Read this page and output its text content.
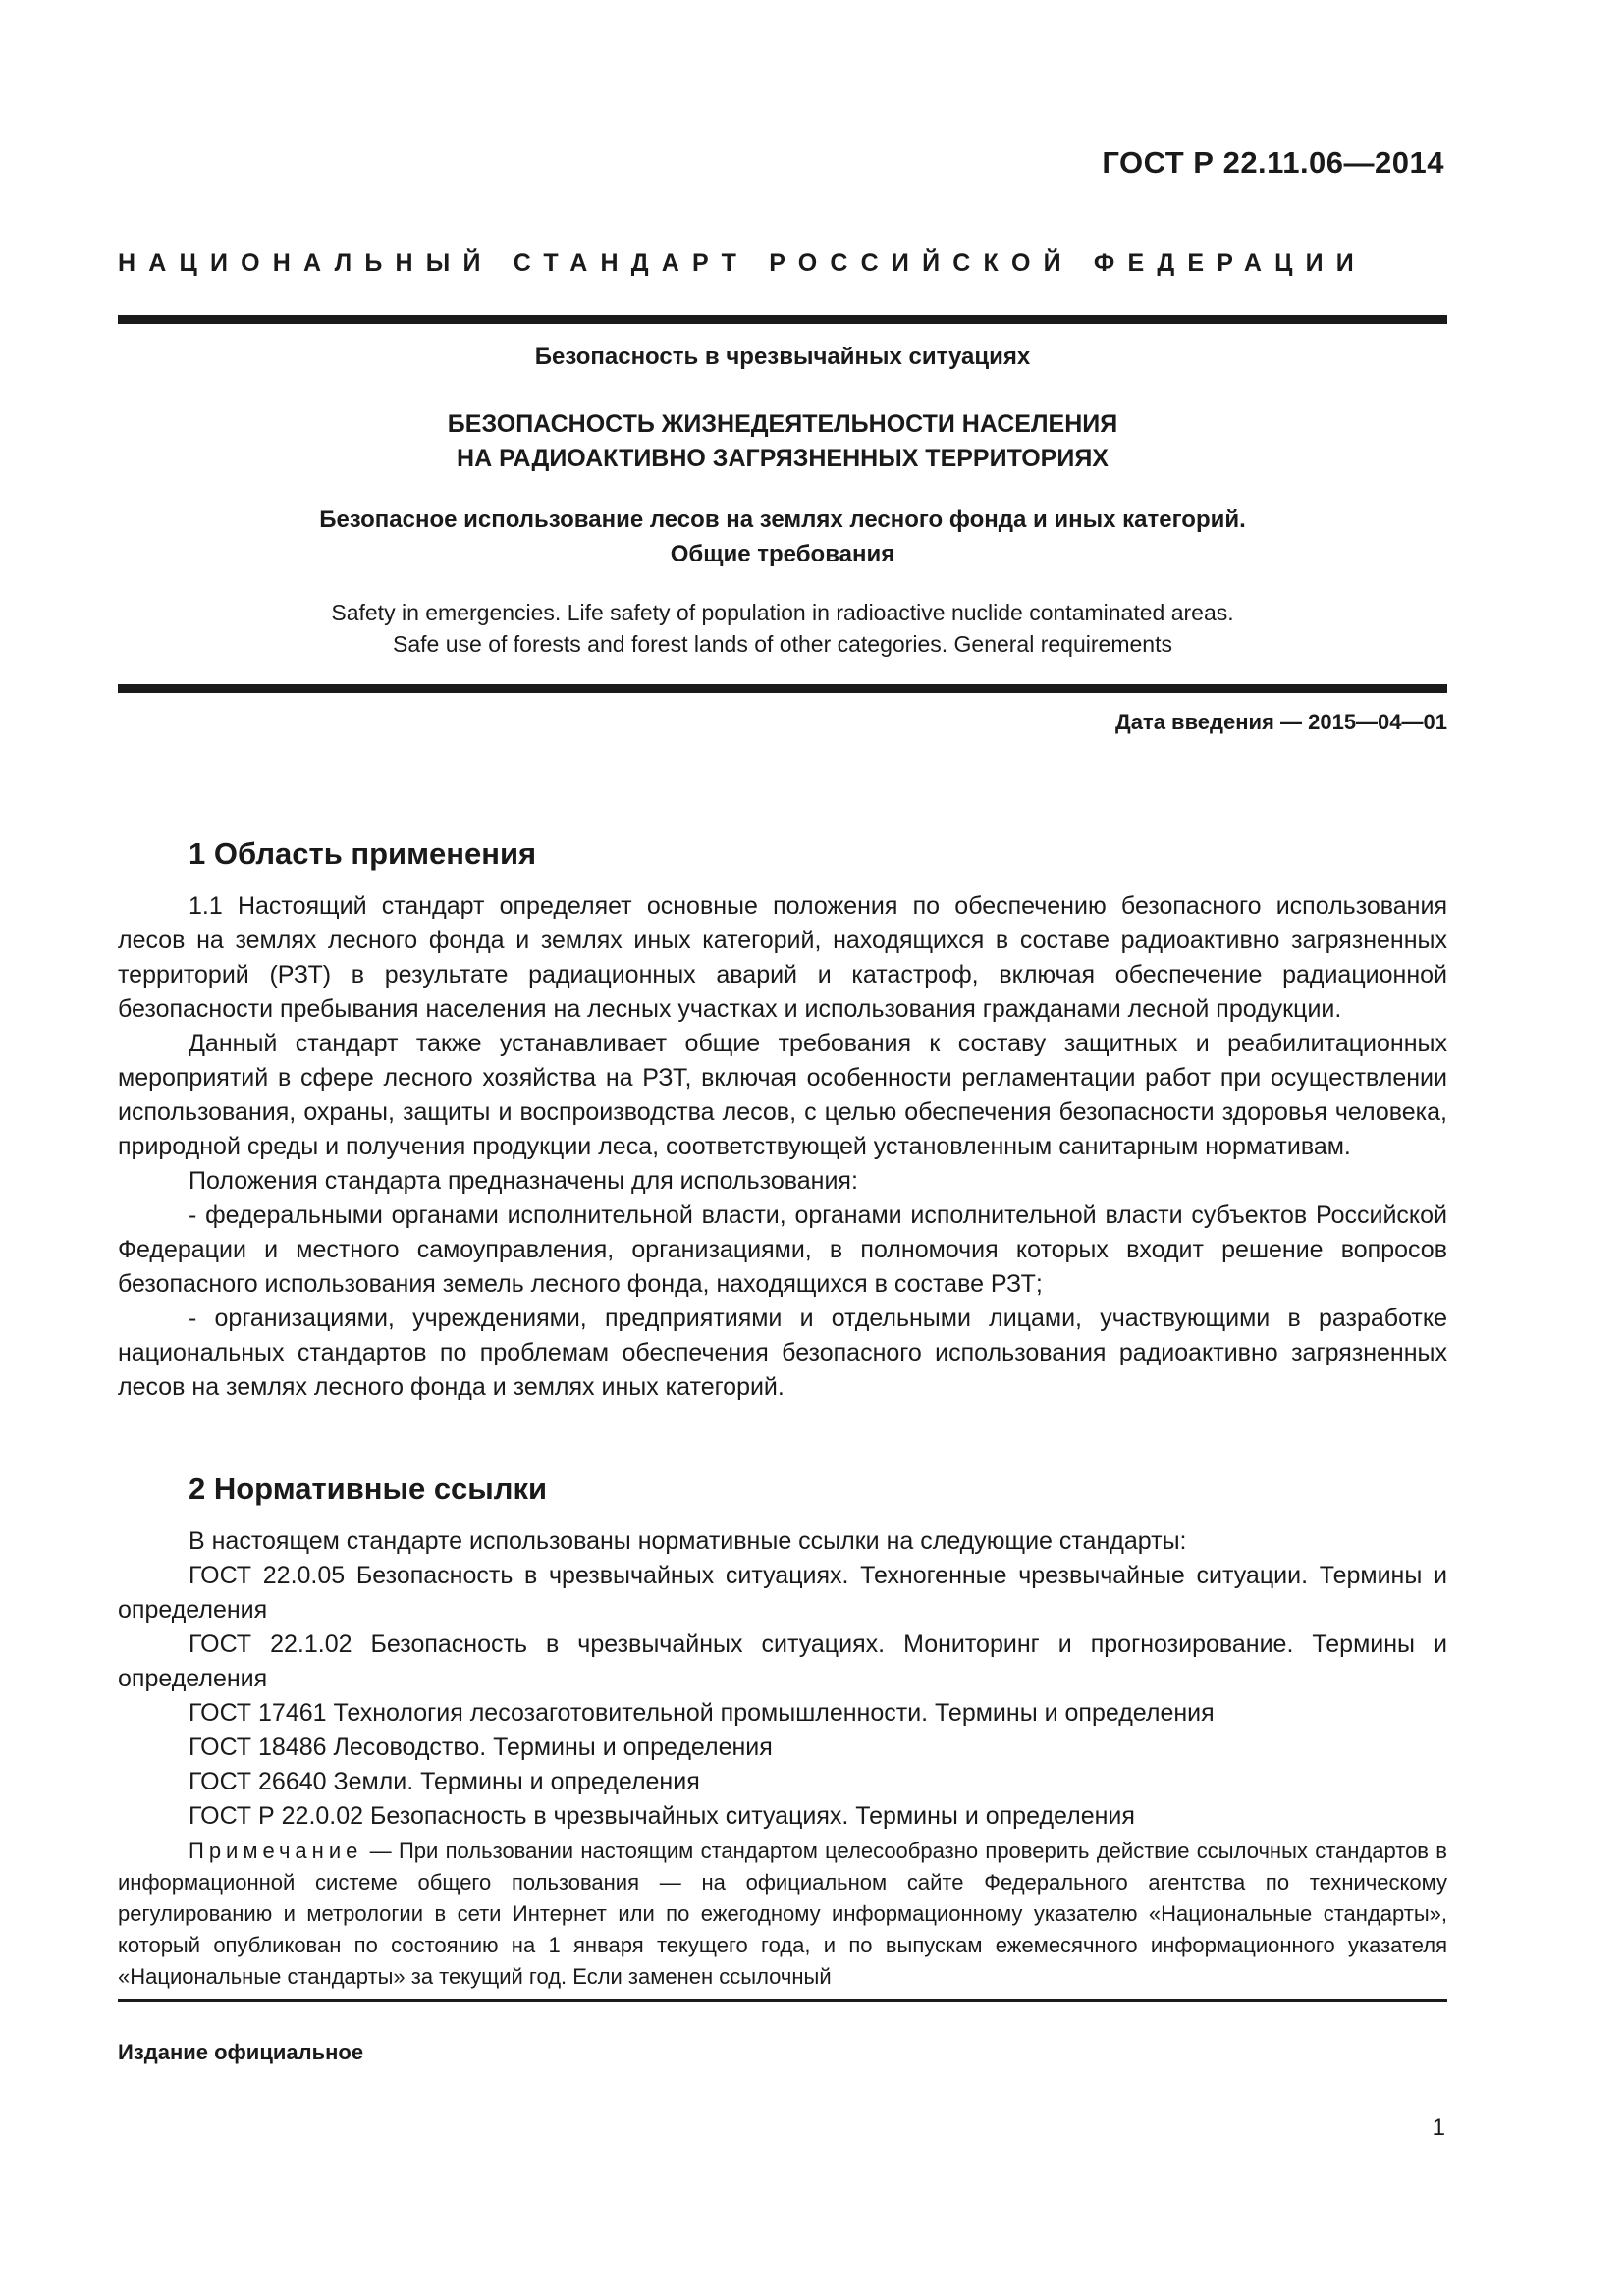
ГОСТ Р 22.11.06—2014
НАЦИОНАЛЬНЫЙ СТАНДАРТ РОССИЙСКОЙ ФЕДЕРАЦИИ
Безопасность в чрезвычайных ситуациях
БЕЗОПАСНОСТЬ ЖИЗНЕДЕЯТЕЛЬНОСТИ НАСЕЛЕНИЯ
НА РАДИОАКТИВНО ЗАГРЯЗНЕННЫХ ТЕРРИТОРИЯХ
Безопасное использование лесов на землях лесного фонда и иных категорий.
Общие требования
Safety in emergencies. Life safety of population in radioactive nuclide contaminated areas.
Safe use of forests and forest lands of other categories. General requirements
Дата введения — 2015—04—01
1 Область применения

1.1 Настоящий стандарт определяет основные положения по обеспечению безопасного использования лесов на землях лесного фонда и землях иных категорий, находящихся в составе радиоактивно загрязненных территорий (РЗТ) в результате радиационных аварий и катастроф, включая обеспечение радиационной безопасности пребывания населения на лесных участках и использования гражданами лесной продукции.

Данный стандарт также устанавливает общие требования к составу защитных и реабилитационных мероприятий в сфере лесного хозяйства на РЗТ, включая особенности регламентации работ при осуществлении использования, охраны, защиты и воспроизводства лесов, с целью обеспечения безопасности здоровья человека, природной среды и получения продукции леса, соответствующей установленным санитарным нормативам.

Положения стандарта предназначены для использования:

- федеральными органами исполнительной власти, органами исполнительной власти субъектов Российской Федерации и местного самоуправления, организациями, в полномочия которых входит решение вопросов безопасного использования земель лесного фонда, находящихся в составе РЗТ;

- организациями, учреждениями, предприятиями и отдельными лицами, участвующими в разработке национальных стандартов по проблемам обеспечения безопасного использования радиоактивно загрязненных лесов на землях лесного фонда и землях иных категорий.

2 Нормативные ссылки

В настоящем стандарте использованы нормативные ссылки на следующие стандарты:

ГОСТ 22.0.05 Безопасность в чрезвычайных ситуациях. Техногенные чрезвычайные ситуации. Термины и определения

ГОСТ 22.1.02 Безопасность в чрезвычайных ситуациях. Мониторинг и прогнозирование. Термины и определения

ГОСТ 17461 Технология лесозаготовительной промышленности. Термины и определения

ГОСТ 18486 Лесоводство. Термины и определения

ГОСТ 26640 Земли. Термины и определения

ГОСТ Р 22.0.02 Безопасность в чрезвычайных ситуациях. Термины и определения

Примечание — При пользовании настоящим стандартом целесообразно проверить действие ссылочных стандартов в информационной системе общего пользования — на официальном сайте Федерального агентства по техническому регулированию и метрологии в сети Интернет или по ежегодному информационному указателю «Национальные стандарты», который опубликован по состоянию на 1 января текущего года, и по выпускам ежемесячного информационного указателя «Национальные стандарты» за текущий год. Если заменен ссылочный
Издание официальное
1
